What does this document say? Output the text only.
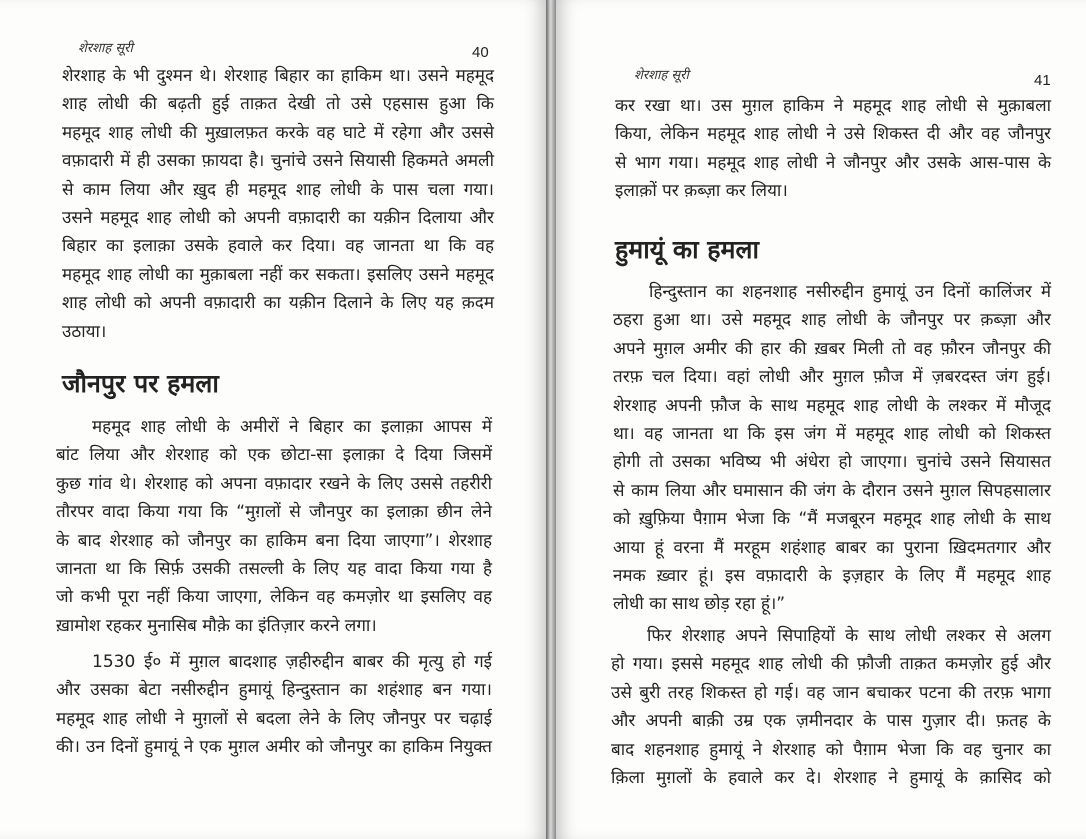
शेरशाह सूरी	40
शेरशाह के भी दुश्मन थे। शेरशाह बिहार का हाकिम था। उसने महमूद
शाह लोधी की बढ़ती हुई ताक़त देखी तो उसे एहसास हुआ कि
महमूद शाह लोधी की मुख़ालफ़त करके वह घाटे में रहेगा और उससे
वफ़ादारी में ही उसका फ़ायदा है। चुनांचे उसने सियासी हिकमते अमली
से काम लिया और ख़ुद ही महमूद शाह लोधी के पास चला गया।
उसने महमूद शाह लोधी को अपनी वफ़ादारी का यक़ीन दिलाया और
बिहार का इलाक़ा उसके हवाले कर दिया। वह जानता था कि वह
महमूद शाह लोधी का मुक़ाबला नहीं कर सकता। इसलिए उसने महमूद
शाह लोधी को अपनी वफ़ादारी का यक़ीन दिलाने के लिए यह क़दम
उठाया।
जौनपुर पर हमला
महमूद शाह लोधी के अमीरों ने बिहार का इलाक़ा आपस में
बांट लिया और शेरशाह को एक छोटा-सा इलाक़ा दे दिया जिसमें
कुछ गांव थे। शेरशाह को अपना वफ़ादार रखने के लिए उससे तहरीरी
तौरपर वादा किया गया कि “मुग़लों से जौनपुर का इलाक़ा छीन लेने
के बाद शेरशाह को जौनपुर का हाकिम बना दिया जाएगा”। शेरशाह
जानता था कि सिर्फ़ उसकी तसल्ली के लिए यह वादा किया गया है
जो कभी पूरा नहीं किया जाएगा, लेकिन वह कमज़ोर था इसलिए वह
ख़ामोश रहकर मुनासिब मौक़े का इंतिज़ार करने लगा।
1530 ई० में मुग़ल बादशाह ज़हीरुद्दीन बाबर की मृत्यु हो गई
और उसका बेटा नसीरुद्दीन हुमायूं हिन्दुस्तान का शहंशाह बन गया।
महमूद शाह लोधी ने मुग़लों से बदला लेने के लिए जौनपुर पर चढ़ाई
की। उन दिनों हुमायूं ने एक मुग़ल अमीर को जौनपुर का हाकिम नियुक्त
शेरशाह सूरी	41
कर रखा था। उस मुग़ल हाकिम ने महमूद शाह लोधी से मुक़ाबला
किया, लेकिन महमूद शाह लोधी ने उसे शिकस्त दी और वह जौनपुर
से भाग गया। महमूद शाह लोधी ने जौनपुर और उसके आस-पास के
इलाक़ों पर क़ब्ज़ा कर लिया।
हुमायूं का हमला
हिन्दुस्तान का शहनशाह नसीरुद्दीन हुमायूं उन दिनों कालिंजर में
ठहरा हुआ था। उसे महमूद शाह लोधी के जौनपुर पर क़ब्ज़ा और
अपने मुग़ल अमीर की हार की ख़बर मिली तो वह फ़ौरन जौनपुर की
तरफ़ चल दिया। वहां लोधी और मुग़ल फ़ौज में ज़बरदस्त जंग हुई।
शेरशाह अपनी फ़ौज के साथ महमूद शाह लोधी के लश्कर में मौजूद
था। वह जानता था कि इस जंग में महमूद शाह लोधी को शिकस्त
होगी तो उसका भविष्य भी अंधेरा हो जाएगा। चुनांचे उसने सियासत
से काम लिया और घमासान की जंग के दौरान उसने मुग़ल सिपहसालार
को ख़ुफ़िया पैग़ाम भेजा कि “मैं मजबूरन महमूद शाह लोधी के साथ
आया हूं वरना मैं मरहूम शहंशाह बाबर का पुराना ख़िदमतगार और
नमक ख़्वार हूं। इस वफ़ादारी के इज़हार के लिए मैं महमूद शाह
लोधी का साथ छोड़ रहा हूं।”
फिर शेरशाह अपने सिपाहियों के साथ लोधी लश्कर से अलग
हो गया। इससे महमूद शाह लोधी की फ़ौजी ताक़त कमज़ोर हुई और
उसे बुरी तरह शिकस्त हो गई। वह जान बचाकर पटना की तरफ़ भागा
और अपनी बाक़ी उम्र एक ज़मीनदार के पास गुज़ार दी। फ़तह के
बाद शहनशाह हुमायूं ने शेरशाह को पैग़ाम भेजा कि वह चुनार का
क़िला मुग़लों के हवाले कर दे। शेरशाह ने हुमायूं के क़ासिद को
